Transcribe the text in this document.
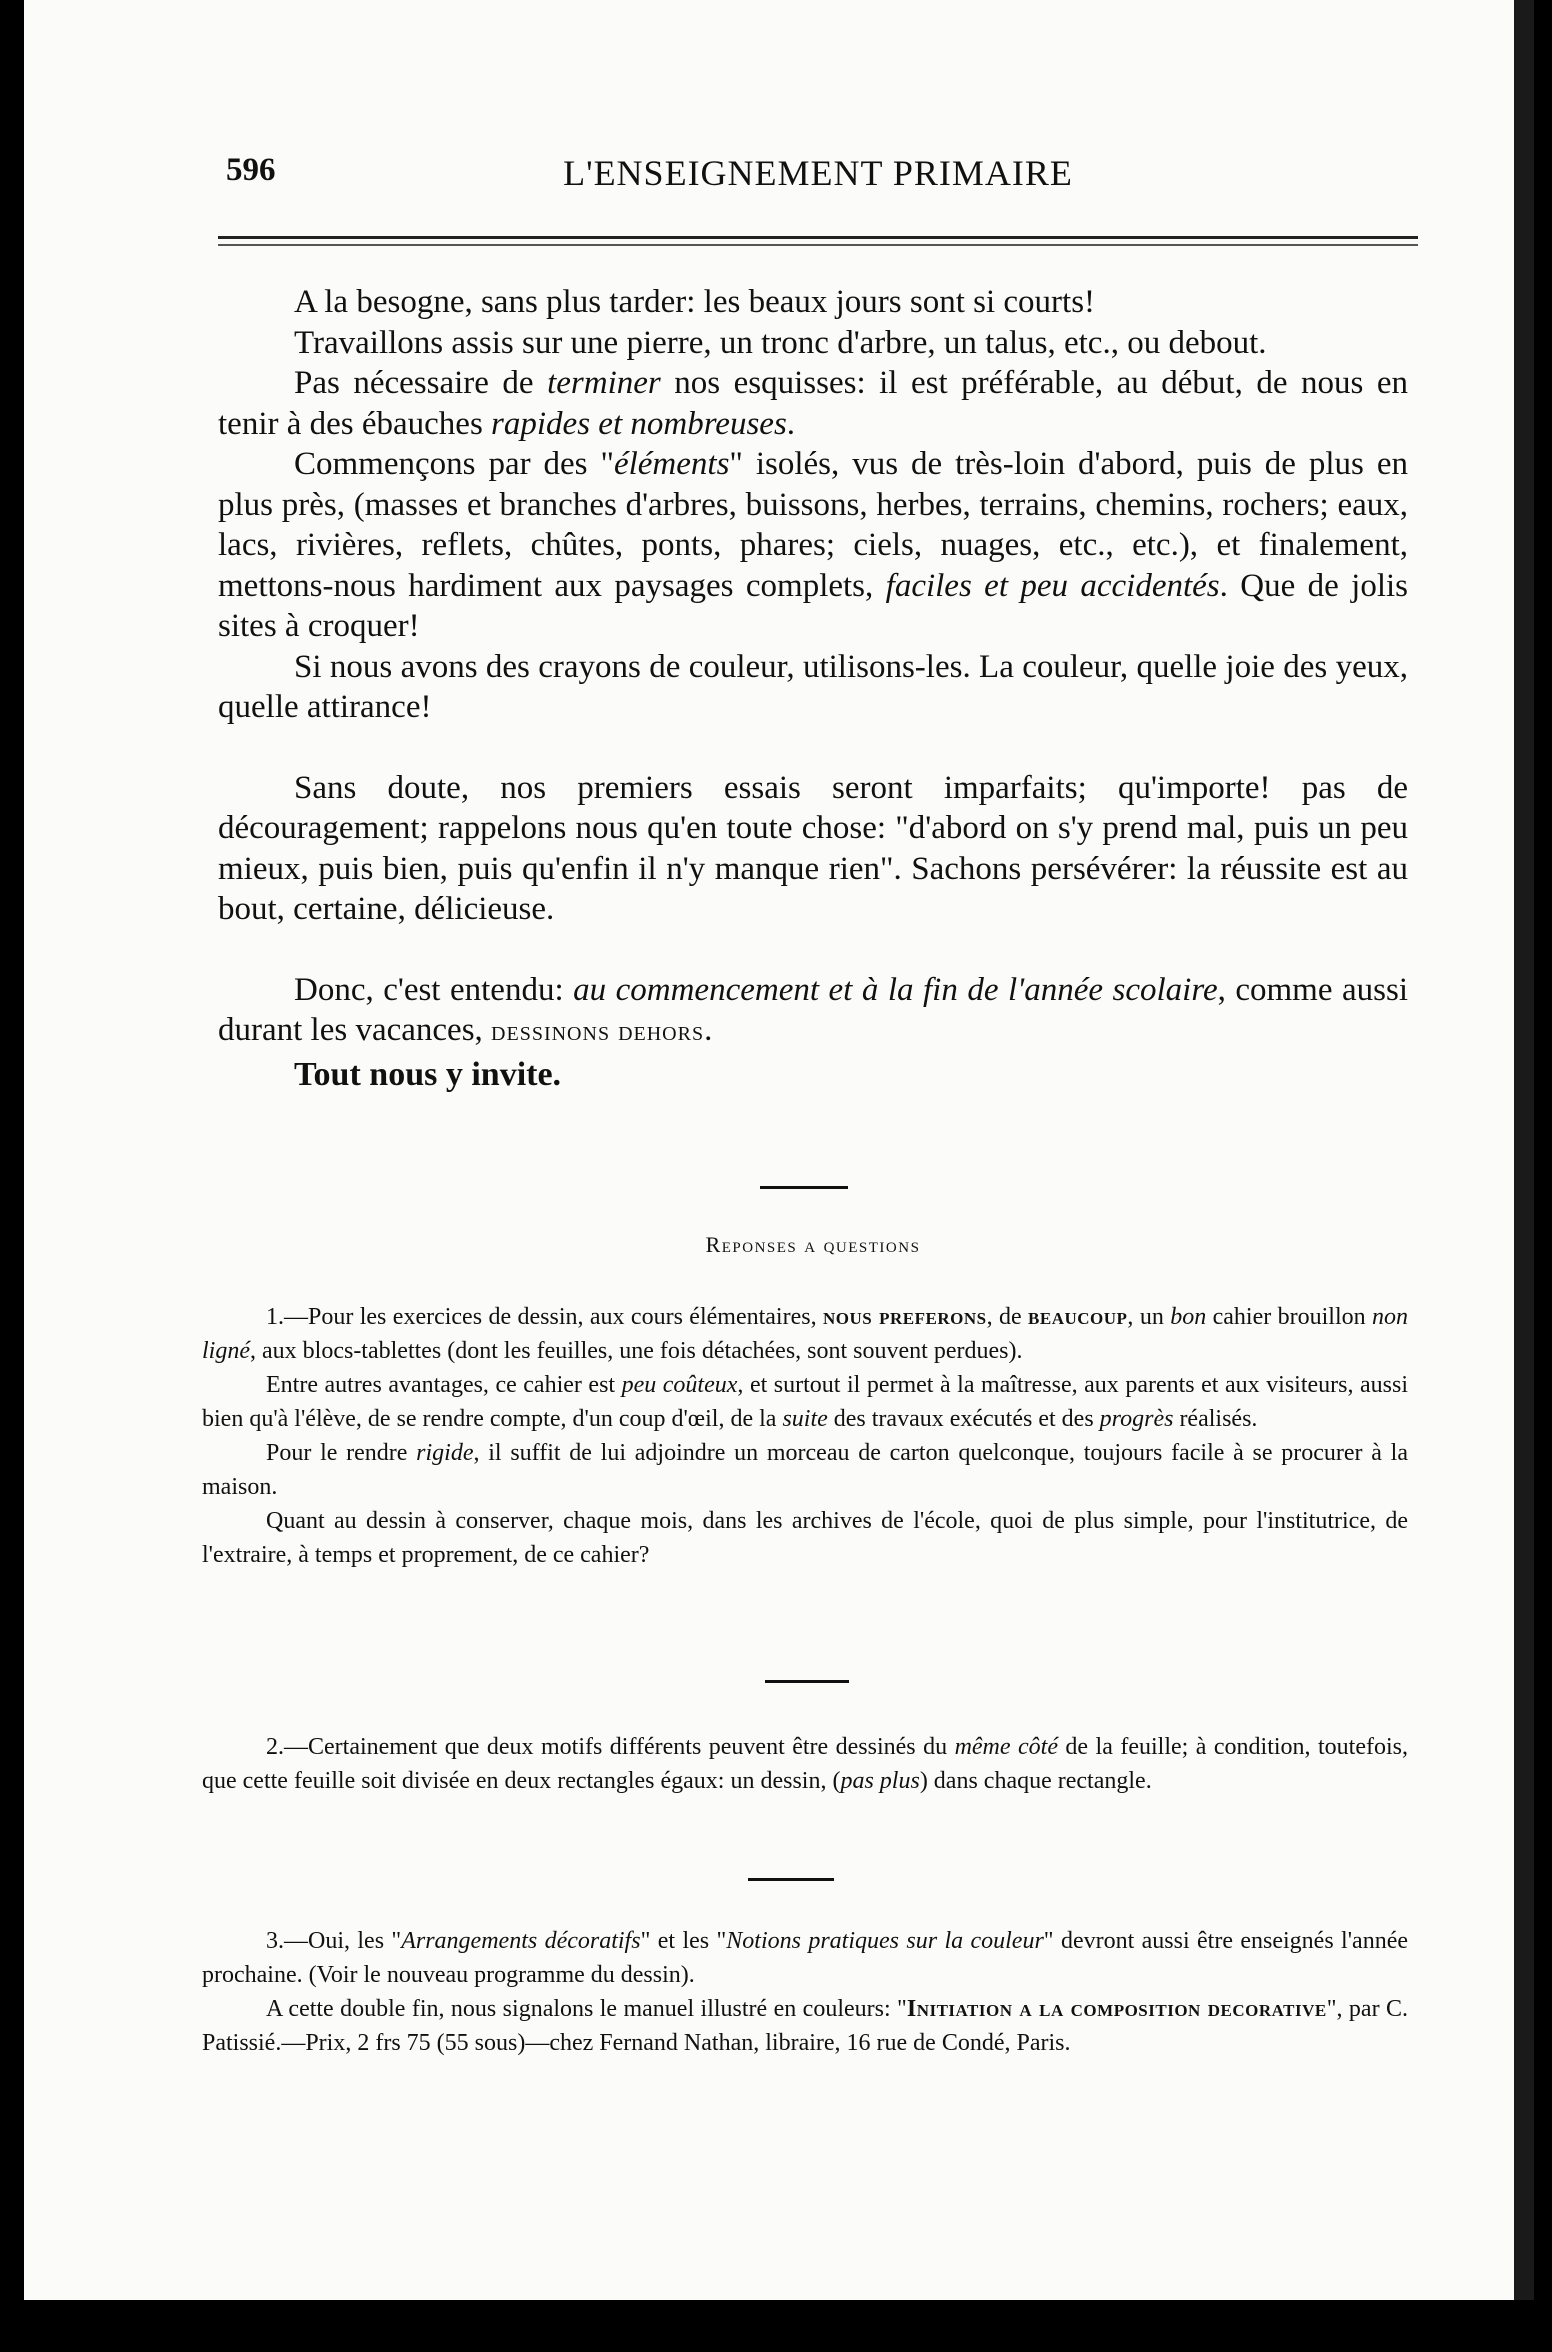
596	L'ENSEIGNEMENT PRIMAIRE

A la besogne, sans plus tarder: les beaux jours sont si courts!

Travaillons assis sur une pierre, un tronc d'arbre, un talus, etc., ou debout.

Pas nécessaire de terminer nos esquisses: il est préférable, au début, de nous en tenir à des ébauches rapides et nombreuses.

Commençons par des "éléments" isolés, vus de très-loin d'abord, puis de plus en plus près, (masses et branches d'arbres, buissons, herbes, terrains, chemins, rochers; eaux, lacs, rivières, reflets, chûtes, ponts, phares; ciels, nuages, etc., etc.), et finalement, mettons-nous hardiment aux paysages complets, faciles et peu accidentés. Que de jolis sites à croquer!

Si nous avons des crayons de couleur, utilisons-les. La couleur, quelle joie des yeux, quelle attirance!

Sans doute, nos premiers essais seront imparfaits; qu'importe! pas de découragement; rappelons nous qu'en toute chose: "d'abord on s'y prend mal, puis un peu mieux, puis bien, puis qu'enfin il n'y manque rien". Sachons persévérer: la réussite est au bout, certaine, délicieuse.

Donc, c'est entendu: au commencement et à la fin de l'année scolaire, comme aussi durant les vacances, dessinons dehors.

Tout nous y invite.

Reponses a questions

1.—Pour les exercices de dessin, aux cours élémentaires, nous preferons, de beaucoup, un bon cahier brouillon non ligné, aux blocs-tablettes (dont les feuilles, une fois détachées, sont souvent perdues).

Entre autres avantages, ce cahier est peu coûteux, et surtout il permet à la maîtresse, aux parents et aux visiteurs, aussi bien qu'à l'élève, de se rendre compte, d'un coup d'œil, de la suite des travaux exécutés et des progrès réalisés.

Pour le rendre rigide, il suffit de lui adjoindre un morceau de carton quelconque, toujours facile à se procurer à la maison.

Quant au dessin à conserver, chaque mois, dans les archives de l'école, quoi de plus simple, pour l'institutrice, de l'extraire, à temps et proprement, de ce cahier?

2.—Certainement que deux motifs différents peuvent être dessinés du même côté de la feuille; à condition, toutefois, que cette feuille soit divisée en deux rectangles égaux: un dessin, (pas plus) dans chaque rectangle.

3.—Oui, les "Arrangements décoratifs" et les "Notions pratiques sur la couleur" devront aussi être enseignés l'année prochaine. (Voir le nouveau programme du dessin).

A cette double fin, nous signalons le manuel illustré en couleurs: "Initiation a la composition decorative", par C. Patissié.—Prix, 2 frs 75 (55 sous)—chez Fernand Nathan, libraire, 16 rue de Condé, Paris.
